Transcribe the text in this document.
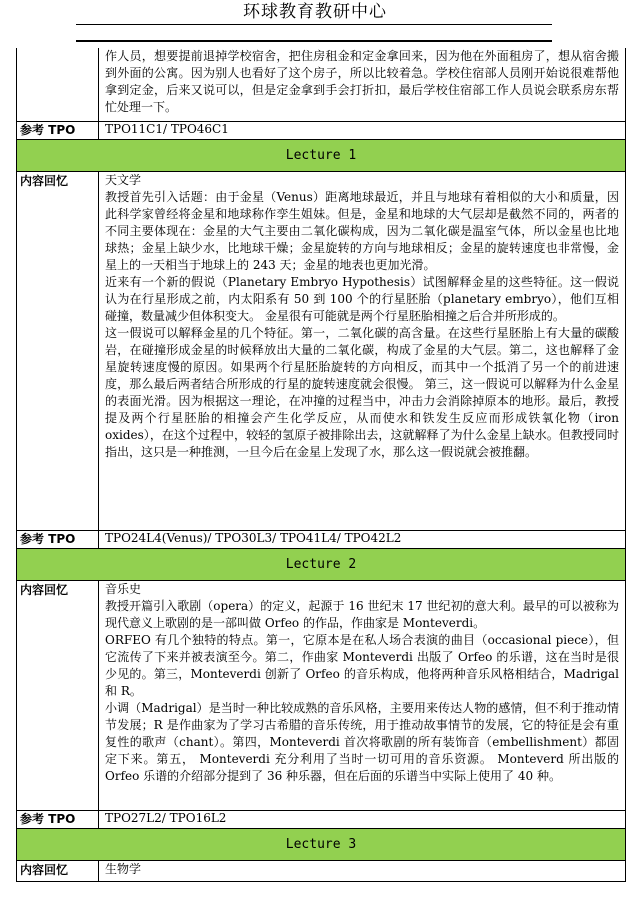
环球教育教研中心
作人员，想要提前退掉学校宿舍，把住房租金和定金拿回来，因为他在外面租房了，想从宿舍搬到外面的公寓。因为别人也看好了这个房子，所以比较着急。学校住宿部人员刚开始说很难帮他拿到定金，后来又说可以，但是定金拿到手会打折扣，最后学校住宿部工作人员说会联系房东帮忙处理一下。
参考 TPO	TPO11C1/ TPO46C1
Lecture 1
内容回忆	天文学

教授首先引入话题：由于金星（Venus）距离地球最近，并且与地球有着相似的大小和质量，因此科学家曾经将金星和地球称作孪生姐妹。但是，金星和地球的大气层却是截然不同的，两者的不同主要体现在：金星的大气主要由二氧化碳构成，因为二氧化碳是温室气体，所以金星也比地球热；金星上缺少水，比地球干燥；金星旋转的方向与地球相反；金星的旋转速度也非常慢，金星上的一天相当于地球上的 243 天；金星的地表也更加光滑。

近来有一个新的假说（Planetary Embryo Hypothesis）试图解释金星的这些特征。这一假说认为在行星形成之前，内太阳系有 50 到 100 个的行星胚胎（planetary embryo），他们互相碰撞，数量减少但体积变大。 金星很有可能就是两个行星胚胎相撞之后合并所形成的。

这一假说可以解释金星的几个特征。第一，二氧化碳的高含量。在这些行星胚胎上有大量的碳酸岩，在碰撞形成金星的时候释放出大量的二氧化碳，构成了金星的大气层。第二，这也解释了金星旋转速度慢的原因。如果两个行星胚胎旋转的方向相反，而其中一个抵消了另一个的前进速度，那么最后两者结合所形成的行星的旋转速度就会很慢。 第三，这一假说可以解释为什么金星的表面光滑。因为根据这一理论，在冲撞的过程当中，冲击力会消除掉原本的地形。最后，教授提及两个行星胚胎的相撞会产生化学反应，从而使水和铁发生反应而形成铁氧化物（iron oxides），在这个过程中，较轻的氢原子被排除出去，这就解释了为什么金星上缺水。但教授同时指出，这只是一种推测，一旦今后在金星上发现了水，那么这一假说就会被推翻。

参考 TPO	TPO24L4(Venus)/ TPO30L3/ TPO41L4/ TPO42L2
Lecture 2
内容回忆	音乐史

教授开篇引入歌剧（opera）的定义，起源于 16 世纪末 17 世纪初的意大利。最早的可以被称为现代意义上歌剧的是一部叫做 Orfeo 的作品，作曲家是 Monteverdi。

ORFEO 有几个独特的特点。第一，它原本是在私人场合表演的曲目（occasional piece），但它流传了下来并被表演至今。第二，作曲家 Monteverdi 出版了 Orfeo 的乐谱，这在当时是很少见的。第三，Monteverdi 创新了 Orfeo 的音乐构成，他将两种音乐风格相结合，Madrigal 和 R。

小调（Madrigal）是当时一种比较成熟的音乐风格，主要用来传达人物的感情，但不利于推动情节发展；R 是作曲家为了学习古希腊的音乐传统，用于推动故事情节的发展，它的特征是会有重复性的歌声（chant）。第四，Monteverdi 首次将歌剧的所有装饰音（embellishment）都固定下来。第五， Monteverdi 充分利用了当时一切可用的音乐资源。 Monteverd 所出版的 Orfeo 乐谱的介绍部分提到了 36 种乐器，但在后面的乐谱当中实际上使用了 40 种。

参考 TPO	TPO27L2/ TPO16L2
Lecture 3
内容回忆	生物学
